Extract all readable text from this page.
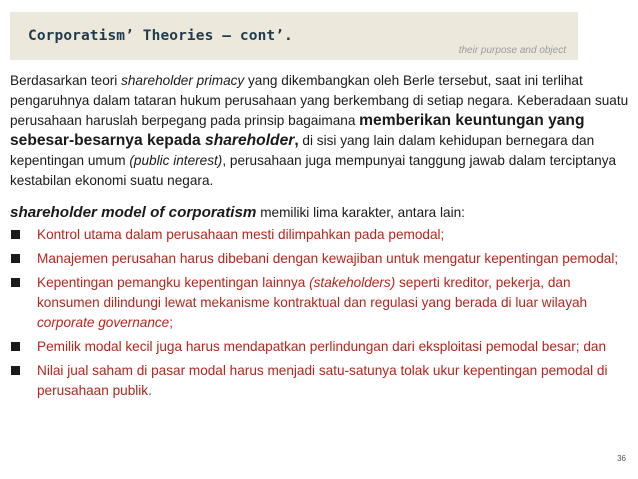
Corporatism’ Theories – cont’.
their purpose and object

Berdasarkan teori shareholder primacy yang dikembangkan oleh Berle tersebut, saat ini terlihat pengaruhnya dalam tataran hukum perusahaan yang berkembang di setiap negara. Keberadaan suatu perusahaan haruslah berpegang pada prinsip bagaimana memberikan keuntungan yang sebesar-besarnya kepada shareholder, di sisi yang lain dalam kehidupan bernegara dan kepentingan umum (public interest), perusahaan juga mempunyai tanggung jawab dalam terciptanya kestabilan ekonomi suatu negara.

shareholder model of corporatism memiliki lima karakter, antara lain:

Kontrol utama dalam perusahaan mesti dilimpahkan pada pemodal;
Manajemen perusahan harus dibebani dengan kewajiban untuk mengatur kepentingan pemodal;
Kepentingan pemangku kepentingan lainnya (stakeholders) seperti kreditor, pekerja, dan konsumen dilindungi lewat mekanisme kontraktual dan regulasi yang berada di luar wilayah corporate governance;
Pemilik modal kecil juga harus mendapatkan perlindungan dari eksploitasi pemodal besar; dan
Nilai jual saham di pasar modal harus menjadi satu-satunya tolak ukur kepentingan pemodal di perusahaan publik.
36
